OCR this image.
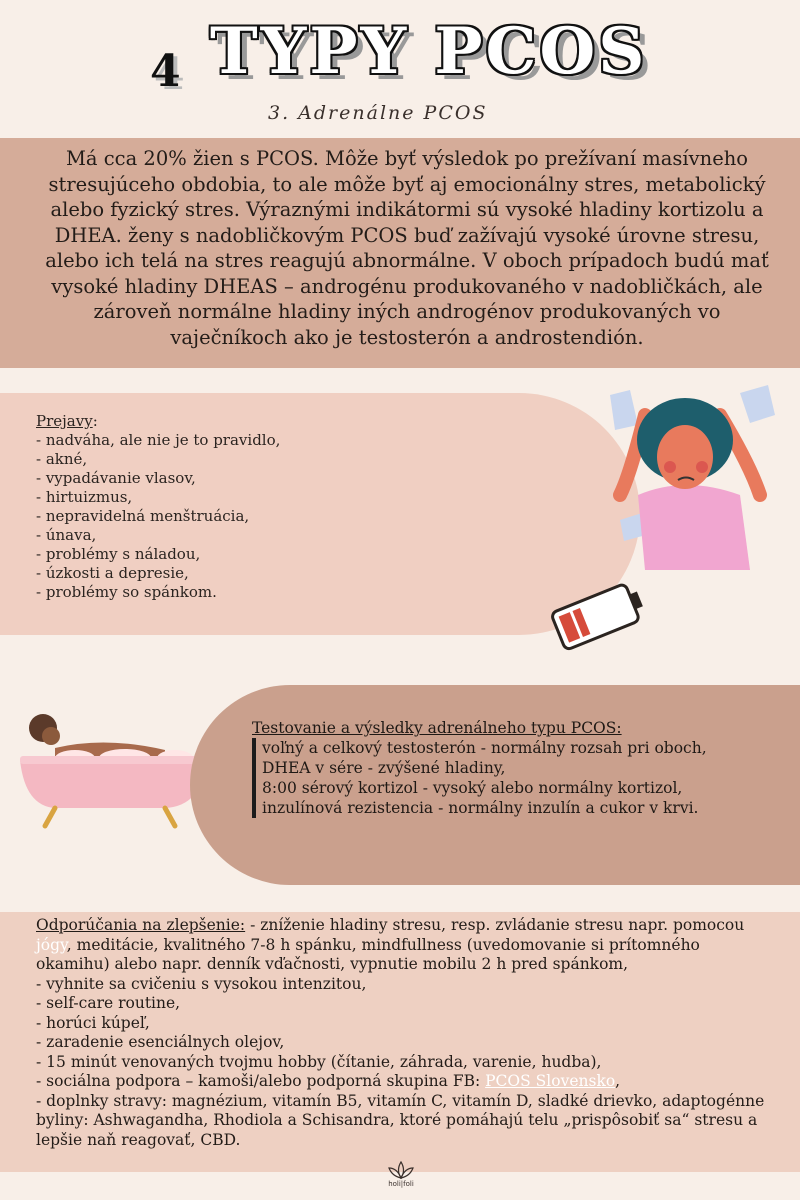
4 TYPY PCOS
3. Adrenálne PCOS
Má cca 20% žien s PCOS. Môže byť výsledok po prežívaní masívneho stresujúceho obdobia, to ale môže byť aj emocionálny stres, metabolický alebo fyzický stres. Výraznými indikátormi sú vysoké hladiny kortizolu a DHEA. ženy s nadobličkovým PCOS buď zažívajú vysoké úrovne stresu, alebo ich telá na stres reagujú abnormálne. V oboch prípadoch budú mať vysoké hladiny DHEAS – androgénu produkovaného v nadobličkách, ale zároveň normálne hladiny iných androgénov produkovaných vo vaječníkoch ako je testosterón a androstendión.
Prejavy:
- nadváha, ale nie je to pravidlo,
- akné,
- vypadávanie vlasov,
- hirtuizmus,
- nepravidelná menštruácia,
- únava,
- problémy s náladou,
- úzkosti a depresie,
- problémy so spánkom.
Testovanie a výsledky adrenálneho typu PCOS:
voľný a celkový testosterón - normálny rozsah pri oboch,
DHEA v sére - zvýšené hladiny,
8:00 sérový kortizol - vysoký alebo normálny kortizol,
inzulínová rezistencia - normálny inzulín a cukor v krvi.
Odporúčania na zlepšenie: - zníženie hladiny stresu, resp. zvládanie stresu napr. pomocou jógy, meditácie, kvalitného 7-8 h spánku, mindfullness (uvedomovanie si prítomného okamihu) alebo napr. denník vďačnosti, vypnutie mobilu 2 h pred spánkom,
- vyhnite sa cvičeniu s vysokou intenzitou,
- self-care routine,
- horúci kúpeľ,
- zaradenie esenciálnych olejov,
- 15 minút venovaných tvojmu hobby (čítanie, záhrada, varenie, hudba),
- sociálna podpora – kamoši/alebo podporná skupina FB: PCOS Slovensko,
- doplnky stravy: magnézium, vitamín B5, vitamín C, vitamín D, sladké drievko, adaptogénne byliny: Ashwagandha, Rhodiola a Schisandra, ktoré pomáhajú telu „prispôsobiť sa“ stresu a lepšie naň reagovať, CBD.
holi|foli
